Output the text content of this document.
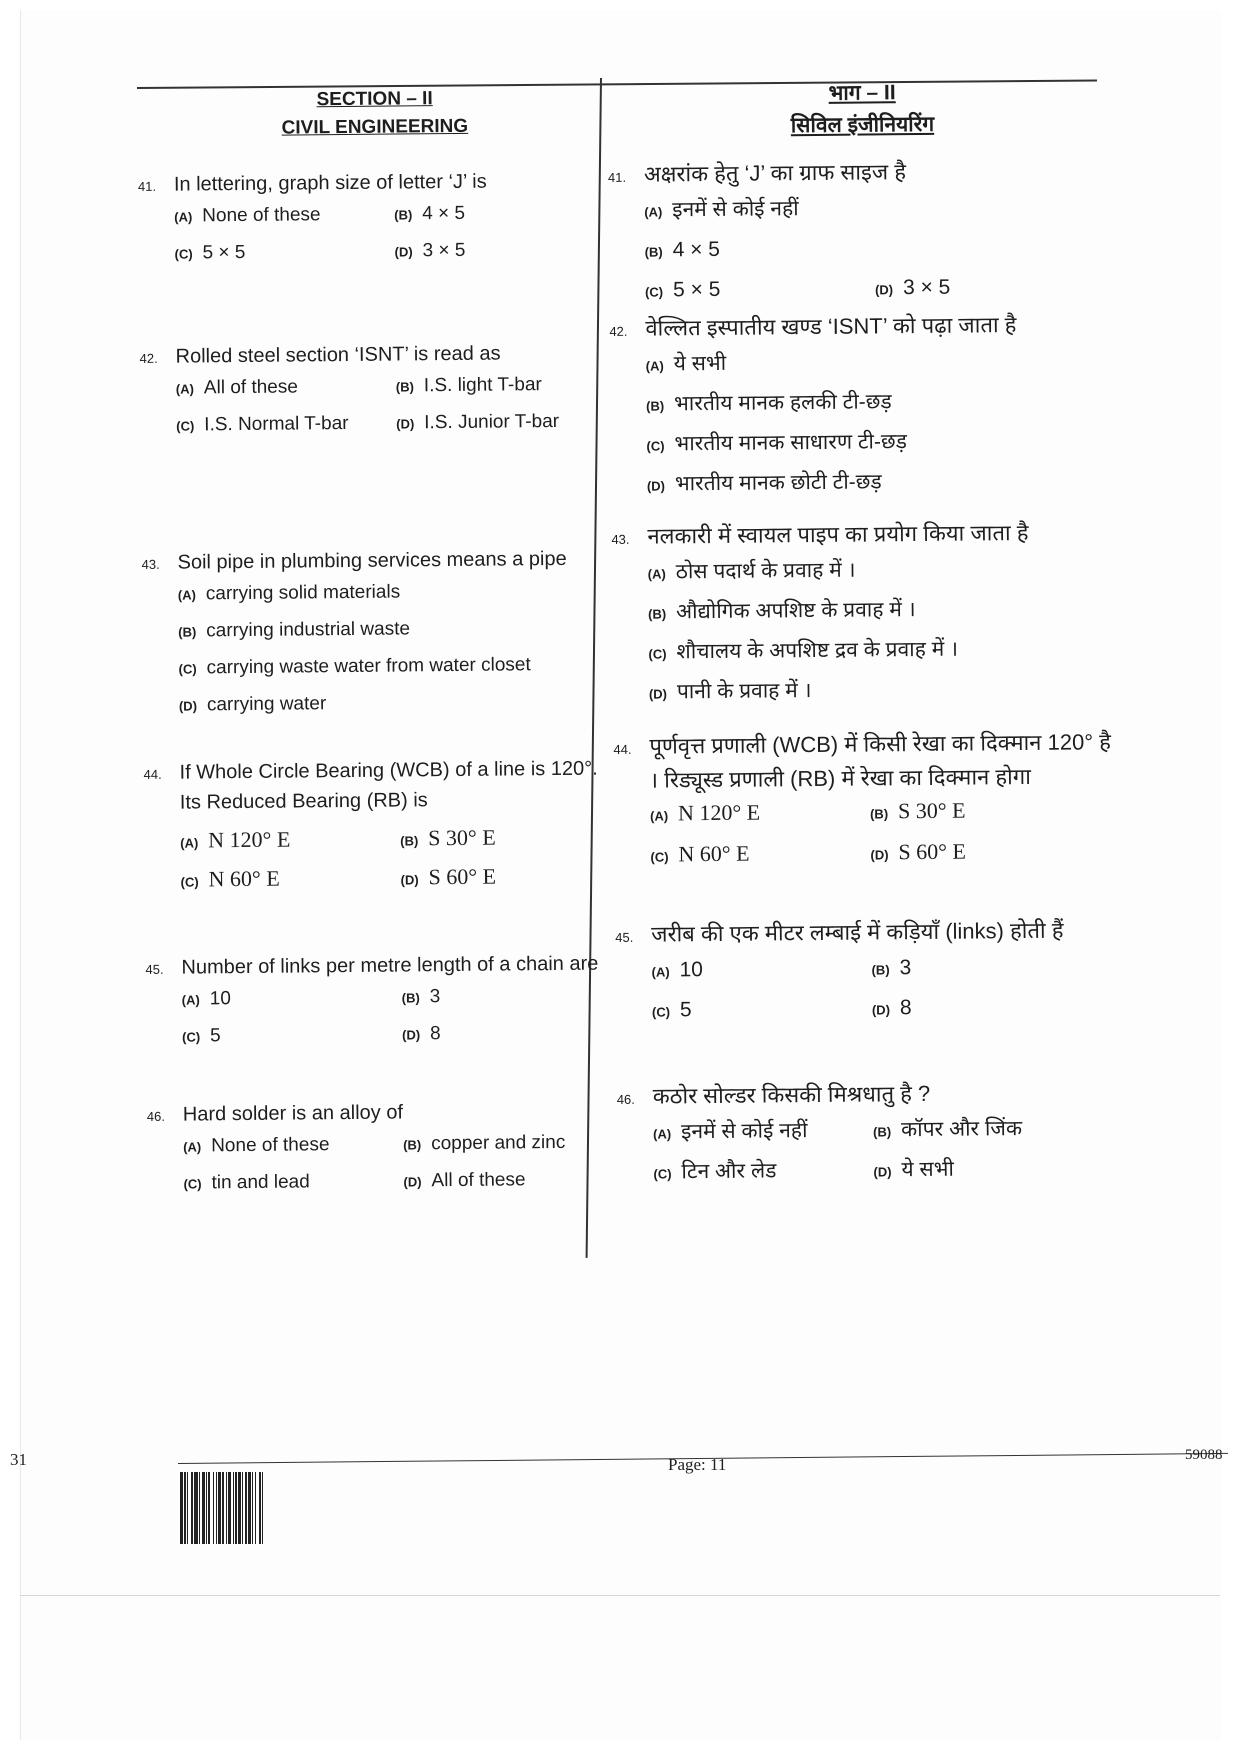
SECTION – II
CIVIL ENGINEERING
41. In lettering, graph size of letter ‘J’ is
(A) None of these	(B) 4 × 5
(C) 5 × 5	(D) 3 × 5
42. Rolled steel section ‘ISNT’ is read as
(A) All of these	(B) I.S. light T-bar
(C) I.S. Normal T-bar	(D) I.S. Junior T-bar
43. Soil pipe in plumbing services means a pipe
(A) carrying solid materials
(B) carrying industrial waste
(C) carrying waste water from water closet
(D) carrying water
44. If Whole Circle Bearing (WCB) of a line is 120°. Its Reduced Bearing (RB) is
(A) N 120° E	(B) S 30° E
(C) N 60° E	(D) S 60° E
45. Number of links per metre length of a chain are
(A) 10	(B) 3
(C) 5	(D) 8
46. Hard solder is an alloy of
(A) None of these	(B) copper and zinc
(C) tin and lead	(D) All of these
भाग – II
सिविल इंजीनियरिंग
41. अक्षरांक हेतु ‘J’ का ग्राफ साइज है
(A) इनमें से कोई नहीं
(B) 4 × 5
(C) 5 × 5	(D) 3 × 5
42. वेल्लित इस्पातीय खण्ड ‘ISNT’ को पढ़ा जाता है
(A) ये सभी
(B) भारतीय मानक हलकी टी-छड़
(C) भारतीय मानक साधारण टी-छड़
(D) भारतीय मानक छोटी टी-छड़
43. नलकारी में स्वायल पाइप का प्रयोग किया जाता है
(A) ठोस पदार्थ के प्रवाह में ।
(B) औद्योगिक अपशिष्ट के प्रवाह में ।
(C) शौचालय के अपशिष्ट द्रव के प्रवाह में ।
(D) पानी के प्रवाह में ।
44. पूर्णवृत्त प्रणाली (WCB) में किसी रेखा का दिक्मान 120° है । रिड्यूस्ड प्रणाली (RB) में रेखा का दिक्मान होगा
(A) N 120° E	(B) S 30° E
(C) N 60° E	(D) S 60° E
45. जरीब की एक मीटर लम्बाई में कड़ियाँ (links) होती हैं
(A) 10	(B) 3
(C) 5	(D) 8
46. कठोर सोल्डर किसकी मिश्रधातु है ?
(A) इनमें से कोई नहीं	(B) कॉपर और जिंक
(C) टिन और लेड	(D) ये सभी
31	Page: 11	59088
